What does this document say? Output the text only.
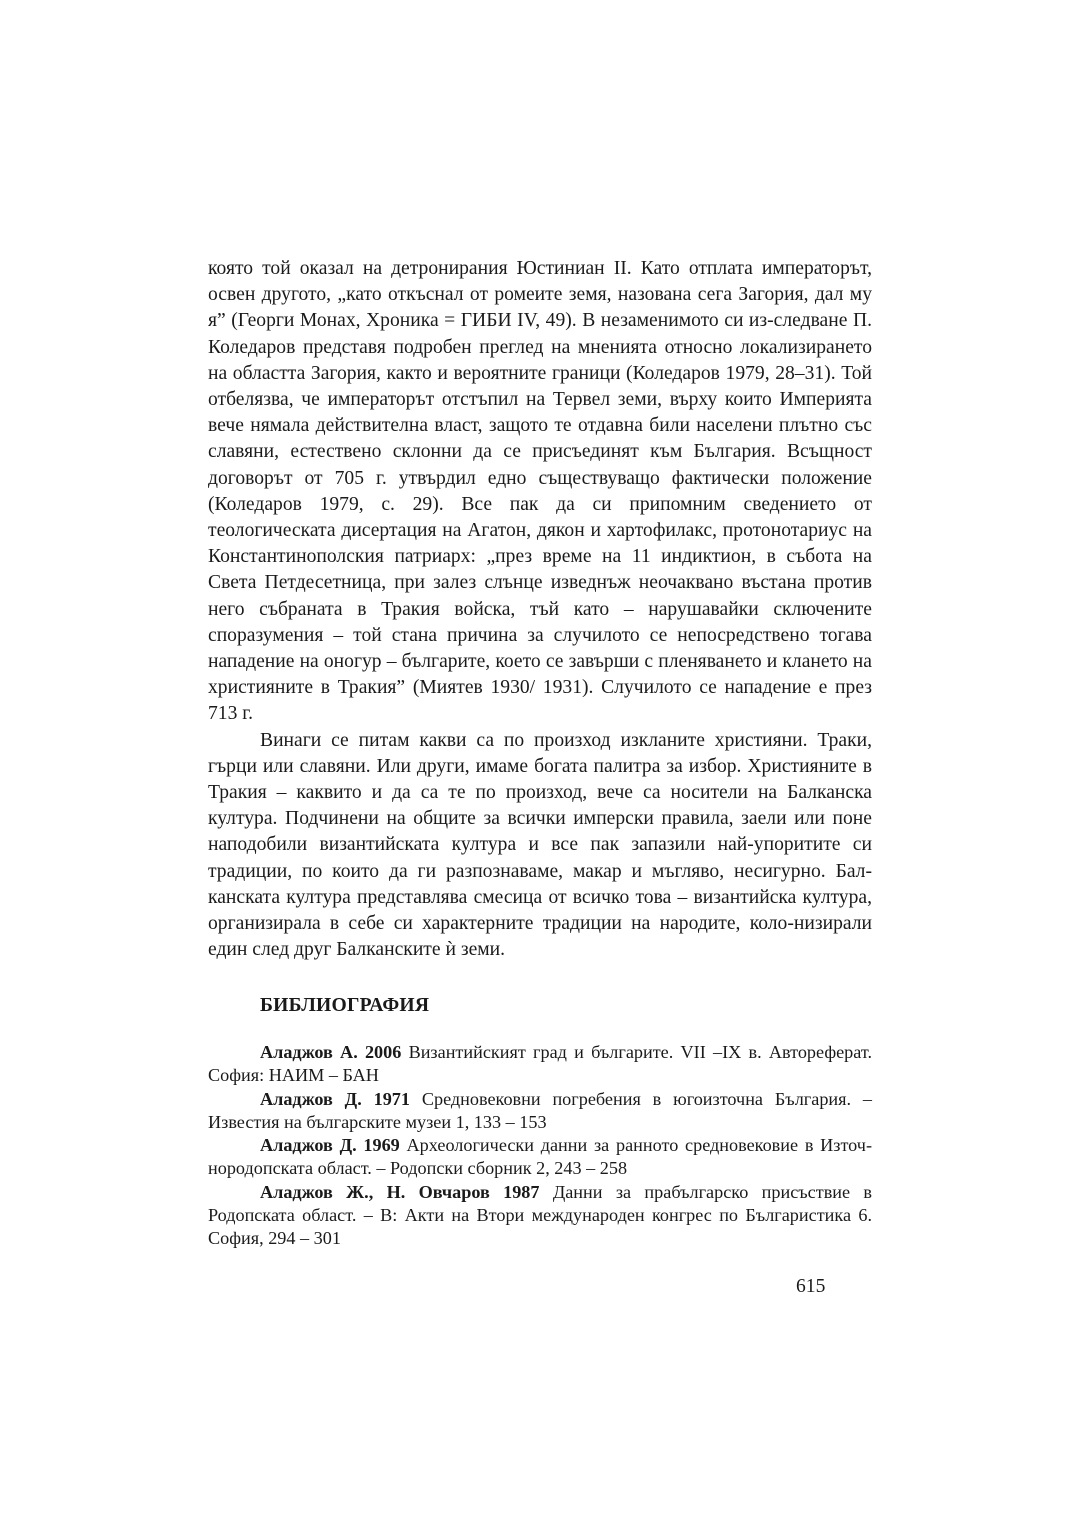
която той оказал на детронирания Юстиниан II. Като отплата императорът, освен другото, „като откъснал от ромеите земя, назована сега Загория, дал му я” (Георги Монах, Хроника = ГИБИ IV, 49). В незаменимото си из-следване П. Коледаров представя подробен преглед на мненията относно локализирането на областта Загория, както и вероятните граници (Коледаров 1979, 28–31). Той отбелязва, че императорът отстъпил на Тервел земи, върху които Империята вече нямала действителна власт, защото те отдавна били населени плътно със славяни, естествено склонни да се присъединят към България. Всъщност договорът от 705 г. утвърдил едно съществуващо фактически положение (Коледаров 1979, с. 29). Все пак да си припомним сведението от теологическата дисертация на Агатон, дякон и хартофилакс, протонотариус на Константинополския патриарх: „през време на 11 индиктион, в събота на Света Петдесетница, при залез слънце изведнъж неочаквано въстана против него събраната в Тракия войска, тъй като – нарушавайки сключените споразумения – той стана причина за случилото се непосредствено тогава нападение на оногур – българите, което се завърши с пленяването и клането на християните в Тракия” (Миятев 1930/ 1931). Случилото се нападение е през 713 г.

Винаги се питам какви са по произход изкланите християни. Траки, гърци или славяни. Или други, имаме богата палитра за избор. Християните в Тракия – каквито и да са те по произход, вече са носители на Балканска култура. Подчинени на общите за всички имперски правила, заели или поне наподобили византийската култура и все пак запазили най-упоритите си традиции, по които да ги разпознаваме, макар и мъгляво, несигурно. Бал-канската култура представлява смесица от всичко това – византийска култура, организирала в себе си характерните традиции на народите, коло-низирали един след друг Балканските ѝ земи.

БИБЛИОГРАФИЯ

Аладжов А. 2006 Византийският град и българите. VII –IX в. Автореферат. София: НАИМ – БАН

Аладжов Д. 1971 Средновековни погребения в югоизточна България. – Известия на българските музеи 1, 133 – 153

Аладжов Д. 1969 Археологически данни за ранното средновековие в Източ-нородопската област. – Родопски сборник 2, 243 – 258

Аладжов Ж., Н. Овчаров 1987 Данни за прабългарско присъствие в Родопската област. – В: Акти на Втори международен конгрес по Българистика 6. София, 294 – 301

615
